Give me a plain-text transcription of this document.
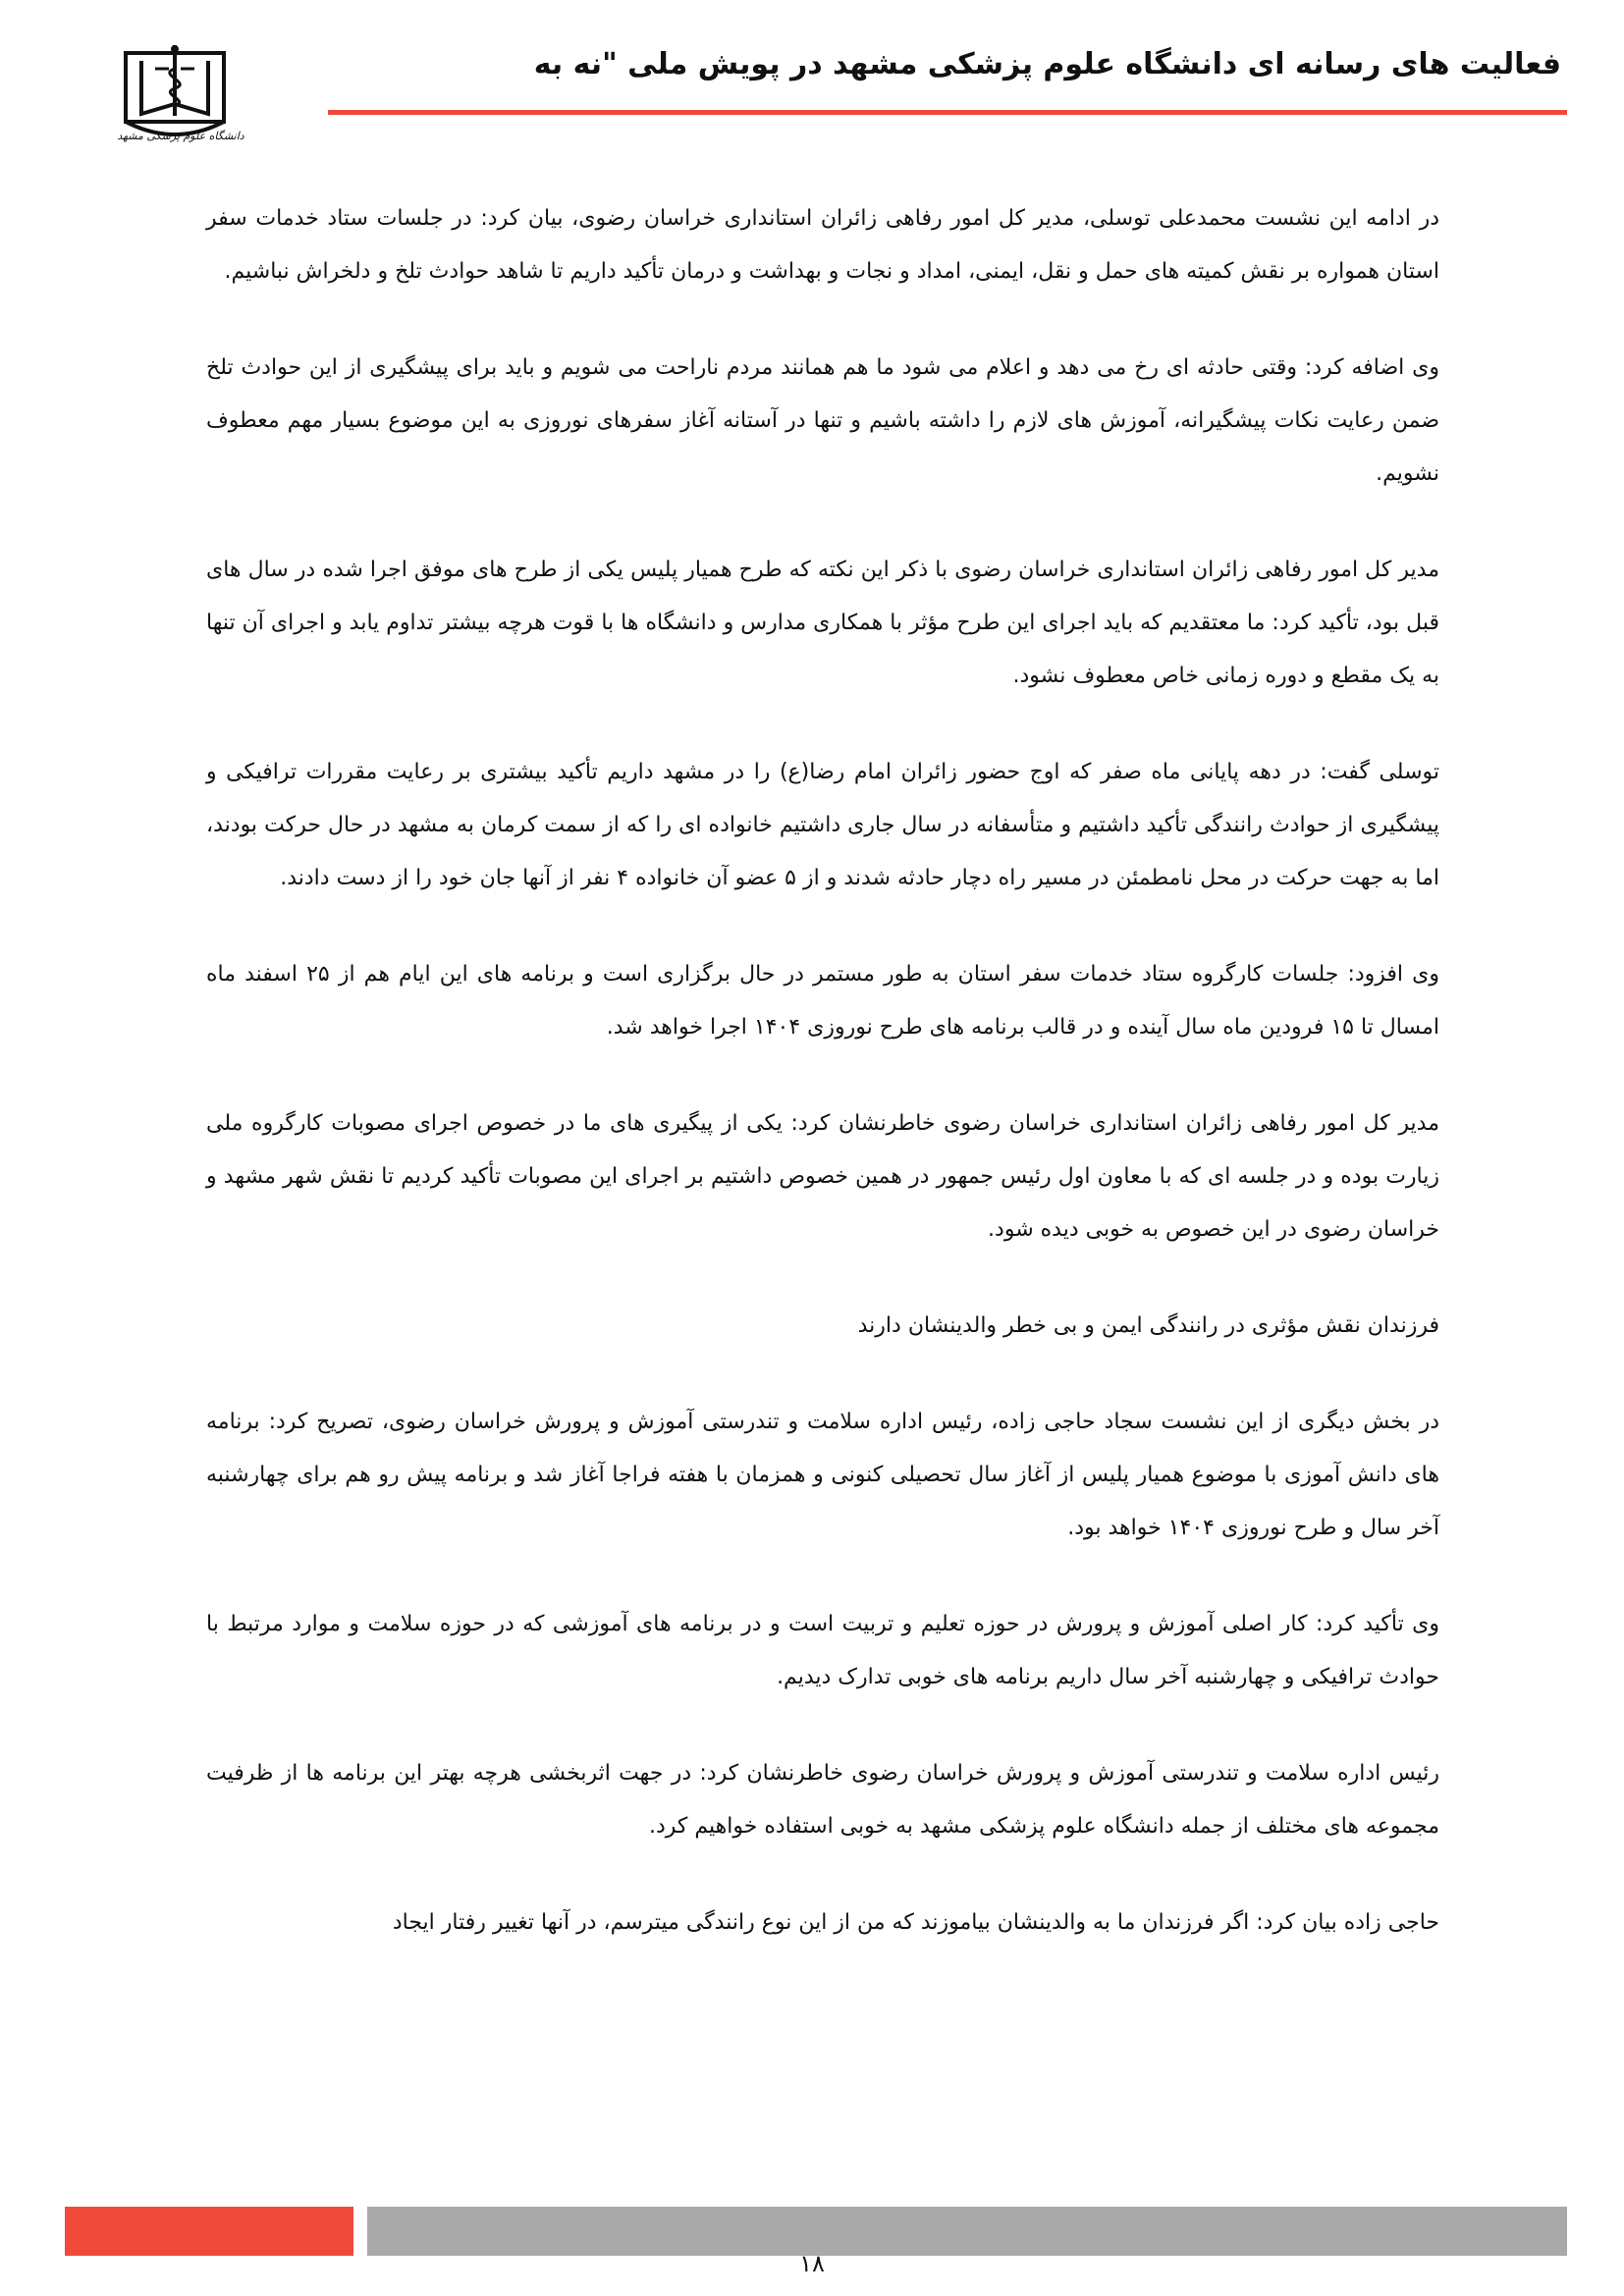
دانشگاه علوم پزشکی مشهد
فعالیت های رسانه ای دانشگاه علوم پزشکی مشهد در پویش ملی "نه به

در ادامه این نشست محمدعلی توسلی، مدیر کل امور رفاهی زائران استانداری خراسان رضوی، بیان کرد: در جلسات ستاد خدمات سفر استان همواره بر نقش کمیته های حمل و نقل، ایمنی، امداد و نجات و بهداشت و درمان تأکید داریم تا شاهد حوادث تلخ و دلخراش نباشیم.

وی اضافه کرد: وقتی حادثه ای رخ می دهد و اعلام می شود ما هم همانند مردم ناراحت می شویم و باید برای پیشگیری از این حوادث تلخ ضمن رعایت نکات پیشگیرانه، آموزش های لازم را داشته باشیم و تنها در آستانه آغاز سفرهای نوروزی به این موضوع بسیار مهم معطوف نشویم.

مدیر کل امور رفاهی زائران استانداری خراسان رضوی با ذکر این نکته که طرح همیار پلیس یکی از طرح های موفق اجرا شده در سال های قبل بود، تأکید کرد: ما معتقدیم که باید اجرای این طرح مؤثر با همکاری مدارس و دانشگاه ها با قوت هرچه بیشتر تداوم یابد و اجرای آن تنها به یک مقطع و دوره زمانی خاص معطوف نشود.

توسلی گفت: در دهه پایانی ماه صفر که اوج حضور زائران امام رضا(ع) را در مشهد داریم تأکید بیشتری بر رعایت مقررات ترافیکی و پیشگیری از حوادث رانندگی تأکید داشتیم و متأسفانه در سال جاری داشتیم خانواده ای را که از سمت کرمان به مشهد در حال حرکت بودند، اما به جهت حرکت در محل نامطمئن در مسیر راه دچار حادثه شدند و از ۵ عضو آن خانواده ۴ نفر از آنها جان خود را از دست دادند.

وی افزود: جلسات کارگروه ستاد خدمات سفر استان به طور مستمر در حال برگزاری است و برنامه های این ایام هم از ۲۵ اسفند ماه امسال تا ۱۵ فرودین ماه سال آینده و در قالب برنامه های طرح نوروزی ۱۴۰۴ اجرا خواهد شد.

مدیر کل امور رفاهی زائران استانداری خراسان رضوی خاطرنشان کرد: یکی از پیگیری های ما در خصوص اجرای مصوبات کارگروه ملی زیارت بوده و در جلسه ای که با معاون اول رئیس جمهور در همین خصوص داشتیم بر اجرای این مصوبات تأکید کردیم تا نقش شهر مشهد و خراسان رضوی در این خصوص به خوبی دیده شود.

فرزندان نقش مؤثری در رانندگی ایمن و بی خطر والدینشان دارند

در بخش دیگری از این نشست سجاد حاجی زاده، رئیس اداره سلامت و تندرستی آموزش و پرورش خراسان رضوی، تصریح کرد: برنامه های دانش آموزی با موضوع همیار پلیس از آغاز سال تحصیلی کنونی و همزمان با هفته فراجا آغاز شد و برنامه پیش رو هم برای چهارشنبه آخر سال و طرح نوروزی ۱۴۰۴ خواهد بود.

وی تأکید کرد: کار اصلی آموزش و پرورش در حوزه تعلیم و تربیت است و در برنامه های آموزشی که در حوزه سلامت و موارد مرتبط با حوادث ترافیکی و چهارشنبه آخر سال داریم برنامه های خوبی تدارک دیدیم.

رئیس اداره سلامت و تندرستی آموزش و پرورش خراسان رضوی خاطرنشان کرد: در جهت اثربخشی هرچه بهتر این برنامه ها از ظرفیت مجموعه های مختلف از جمله دانشگاه علوم پزشکی مشهد به خوبی استفاده خواهیم کرد.

حاجی زاده بیان کرد: اگر فرزندان ما به والدینشان بیاموزند که من از این نوع رانندگی میترسم، در آنها تغییر رفتار ایجاد

۱۸
